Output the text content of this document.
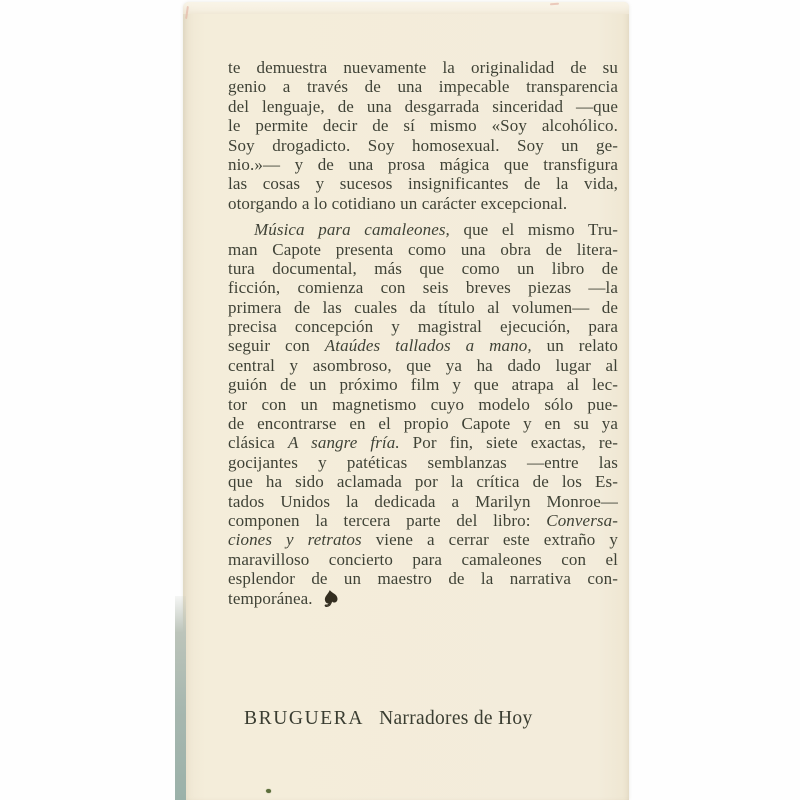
te demuestra nuevamente la originalidad de su
genio a través de una impecable transparencia
del lenguaje, de una desgarrada sinceridad —que
le permite decir de sí mismo «Soy alcohólico.
Soy drogadicto. Soy homosexual. Soy un ge-
nio.»— y de una prosa mágica que transfigura
las cosas y sucesos insignificantes de la vida,
otorgando a lo cotidiano un carácter excepcional.
Música para camaleones, que el mismo Tru-
man Capote presenta como una obra de litera-
tura documental, más que como un libro de
ficción, comienza con seis breves piezas —la
primera de las cuales da título al volumen— de
precisa concepción y magistral ejecución, para
seguir con Ataúdes tallados a mano, un relato
central y asombroso, que ya ha dado lugar al
guión de un próximo film y que atrapa al lec-
tor con un magnetismo cuyo modelo sólo pue-
de encontrarse en el propio Capote y en su ya
clásica A sangre fría. Por fin, siete exactas, re-
gocijantes y patéticas semblanzas —entre las
que ha sido aclamada por la crítica de los Es-
tados Unidos la dedicada a Marilyn Monroe—
componen la tercera parte del libro: Conversa-
ciones y retratos viene a cerrar este extraño y
maravilloso concierto para camaleones con el
esplendor de un maestro de la narrativa con-
temporánea.
BRUGUERA Narradores de Hoy
